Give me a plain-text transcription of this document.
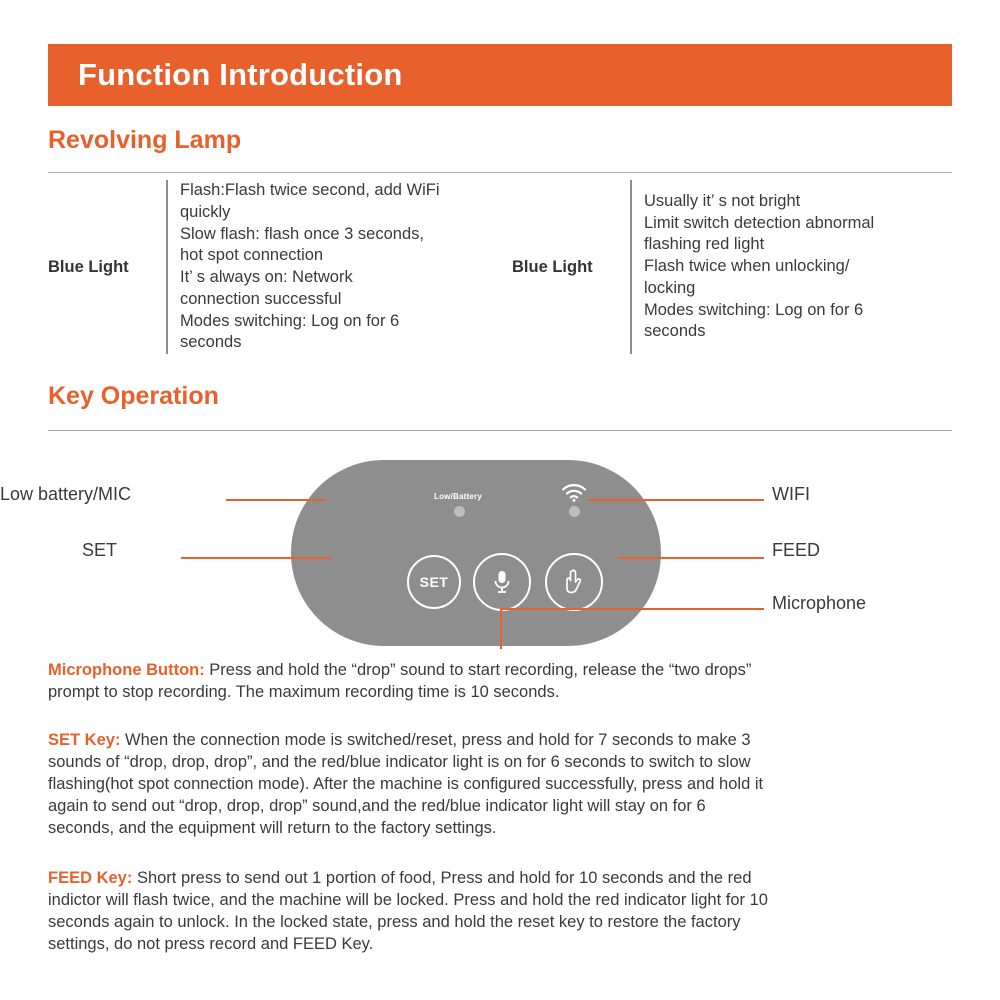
Function Introduction
Revolving Lamp
Blue Light
Flash:Flash twice second, add WiFi
quickly
Slow flash: flash once 3 seconds,
hot spot connection
It’ s always on: Network
connection successful
Modes switching: Log on for 6
seconds
Blue Light
Usually it’ s not bright
Limit switch detection abnormal
flashing red light
Flash twice when unlocking/
locking
Modes switching: Log on for 6
seconds
Key Operation
Low/Battery
SET
Low battery/MIC
SET
WIFI
FEED
Microphone
Microphone Button: Press and hold the “drop” sound to start recording, release the “two drops”
prompt to stop recording. The maximum recording time is 10 seconds.
SET Key: When the connection mode is switched/reset, press and hold for 7 seconds to make 3
sounds of “drop, drop, drop”, and the red/blue indicator light is on for 6 seconds to switch to slow
flashing(hot spot connection mode). After the machine is configured successfully, press and hold it
again to send out “drop, drop, drop” sound,and the red/blue indicator light will stay on for 6
seconds, and the equipment will return to the factory settings.
FEED Key: Short press to send out 1 portion of food, Press and hold for 10 seconds and the red
indictor will flash twice, and the machine will be locked. Press and hold the red indicator light for 10
seconds again to unlock. In the locked state, press and hold the reset key to restore the factory
settings, do not press record and FEED Key.
